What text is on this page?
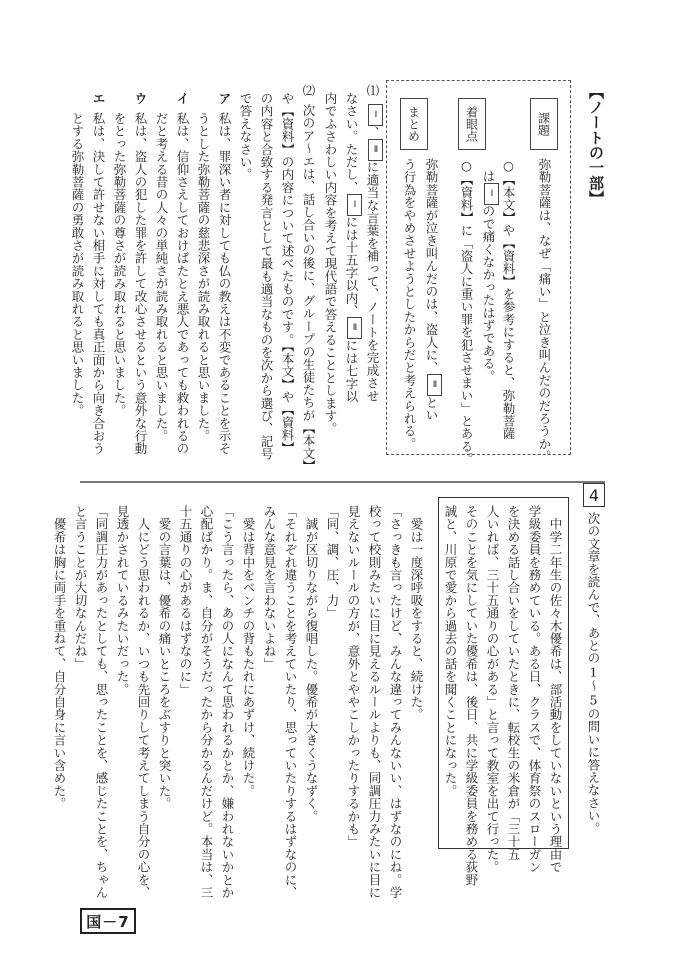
【ノートの一部】
課題
着眼点
まとめ
弥勒菩薩は、なぜ「痛い」と泣き叫んだのだろうか。
○【本文】や【資料】を参考にすると、弥勒菩薩
はⅠので痛くなかったはずである。
○【資料】に「盗人に重い罪を犯させまい」とある。
弥勒菩薩が泣き叫んだのは、盗人に、Ⅱとい
う行為をやめさせようとしたからだと考えられる。
⑴
Ⅰ、Ⅱに適当な言葉を補って、ノートを完成させ
なさい。ただし、Ⅰには十五字以内、Ⅱには七字以
内でふさわしい内容を考えて現代語で答えることとします。
⑵
次のア〜エは、話し合いの後に、グループの生徒たちが【本文】
や【資料】の内容について述べたものです。【本文】や【資料】
の内容と合致する発言として最も適当なものを次から選び、記号
で答えなさい。
ア
私は、罪深い者に対しても仏の教えは不変であることを示そ
うとした弥勒菩薩の慈悲深さが読み取れると思いました。
イ
私は、信仰さえしておけばたとえ悪人であっても救われるの
だと考える昔の人々の単純さが読み取れると思いました。
ウ
私は、盗人の犯した罪を許して改心させるという意外な行動
をとった弥勒菩薩の尊さが読み取れると思いました。
エ
私は、決して許せない相手に対しても真正面から向き合おう
とする弥勒菩薩の勇敢さが読み取れると思いました。
4
次の文章を読んで、あとの1〜5の問いに答えなさい。
　中学二年生の佐々木優希は、部活動をしていないという理由で
学級委員を務めている。ある日、クラスで、体育祭のスローガン
を決める話し合いをしていたときに、転校生の米倉が「三十五
人いれば、三十五通りの心がある」と言って教室を出て行った。
そのことを気にしていた優希は、後日、共に学級委員を務める荻野
誠と、川原で愛から過去の話を聞くことになった。
　愛は一度深呼吸をすると、続けた。
「さっきも言ったけど、みんな違ってみんないい、はずなのにね。学
校って校則みたいに目に見えるルールよりも、同調圧力みたいに目に
見えないルールの方が、意外とややこしかったりするかも」
「同、調、圧、力」
　誠が区切りながら復唱した。優希が大きくうなずく。
「それぞれ違うことを考えていたり、思っていたりするはずなのに、
みんな意見を言わないよね」
　愛は背中をベンチの背もたれにあずけ、続けた。
「こう言ったら、あの人になんて思われるかとか、嫌われないかとか
心配ばかり。ま、自分がそうだったから分かるんだけど。本当は、三
十五通りの心があるはずなのに」
　愛の言葉は、優希の痛いところをぶすりと突いた。
　人にどう思われるか、いつも先回りして考えてしまう自分の心を、
見透かされているみたいだった。
「同調圧力があったとしても、思ったことを、感じたことを、ちゃん
と言うことが大切なんだね」
　優希は胸に両手を重ねて、自分自身に言い含めた。
国－7
